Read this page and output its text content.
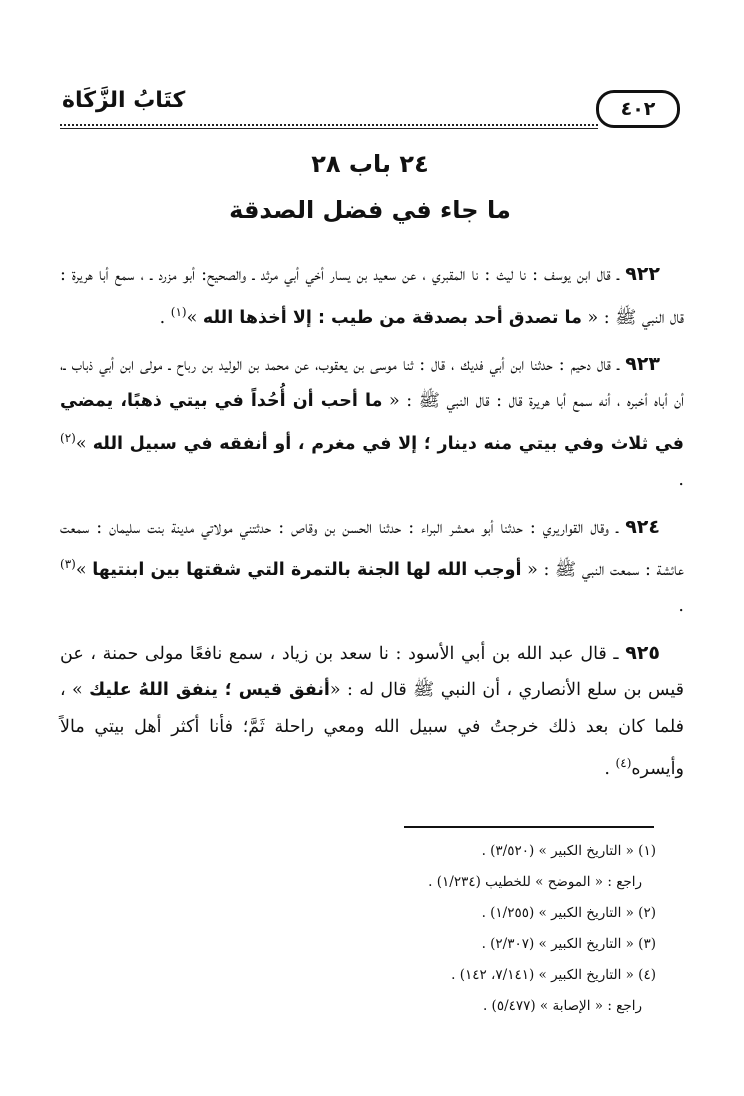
٤٠٢
كتَابُ الزَّكَاة
٢٤ باب ٢٨
ما جاء في فضل الصدقة

٩٢٢ ـ قال ابن يوسف : نا ليث : نا المقبري ، عن سعيد بن يسار أخي أبي مرثد ـ والصحيح: أبو مزرد ـ ، سمع أبا هريرة : قال النبي ﷺ : « ما تصدق أحد بصدقة من طيب : إلا أخذها الله »$^{(١)}$ .

٩٢٣ ـ قال دحيم : حدثنا ابن أبي فديك ، قال : ثنا موسى بن يعقوب، عن محمد بن الوليد بن رباح ـ مولى ابن أبي ذباب ـ، أن أباه أخبره ، أنه سمع أبا هريرة قال : قال النبي ﷺ : « ما أحب أن أُحُداً في بيتي ذهبًا، يمضي في ثلاث وفي بيتي منه دينار ؛ إلا في مغرم ، أو أنفقه في سبيل الله »$^{(٢)}$ .

٩٢٤ ـ وقال القواريري : حدثنا أبو معشر البراء : حدثنا الحسن بن وقاص : حدثتني مولاتي مدينة بنت سليمان : سمعت عائشة : سمعت النبي ﷺ : « أوجب الله لها الجنة بالتمرة التي شقتها بين ابنتيها »$^{(٣)}$ .

٩٢٥ ـ قال عبد الله بن أبي الأسود : نا سعد بن زياد ، سمع نافعًا مولى حمنة ، عن قيس بن سلع الأنصاري ، أن النبي ﷺ قال له : «أنفق قيس ؛ ينفق اللهُ عليك » ، فلما كان بعد ذلك خرجتُ في سبيل الله ومعي راحلة ثَمَّ؛ فأنا أكثر أهل بيتي مالاً وأيسره$^{(٤)}$ .

(١) « التاريخ الكبير » (٣/٥٢٠) .

راجع : « الموضح » للخطيب (١/٢٣٤) .

(٢) « التاريخ الكبير » (١/٢٥٥) .

(٣) « التاريخ الكبير » (٢/٣٠٧) .

(٤) « التاريخ الكبير » (٧/١٤١، ١٤٢) .

راجع : « الإصابة » (٥/٤٧٧) .
